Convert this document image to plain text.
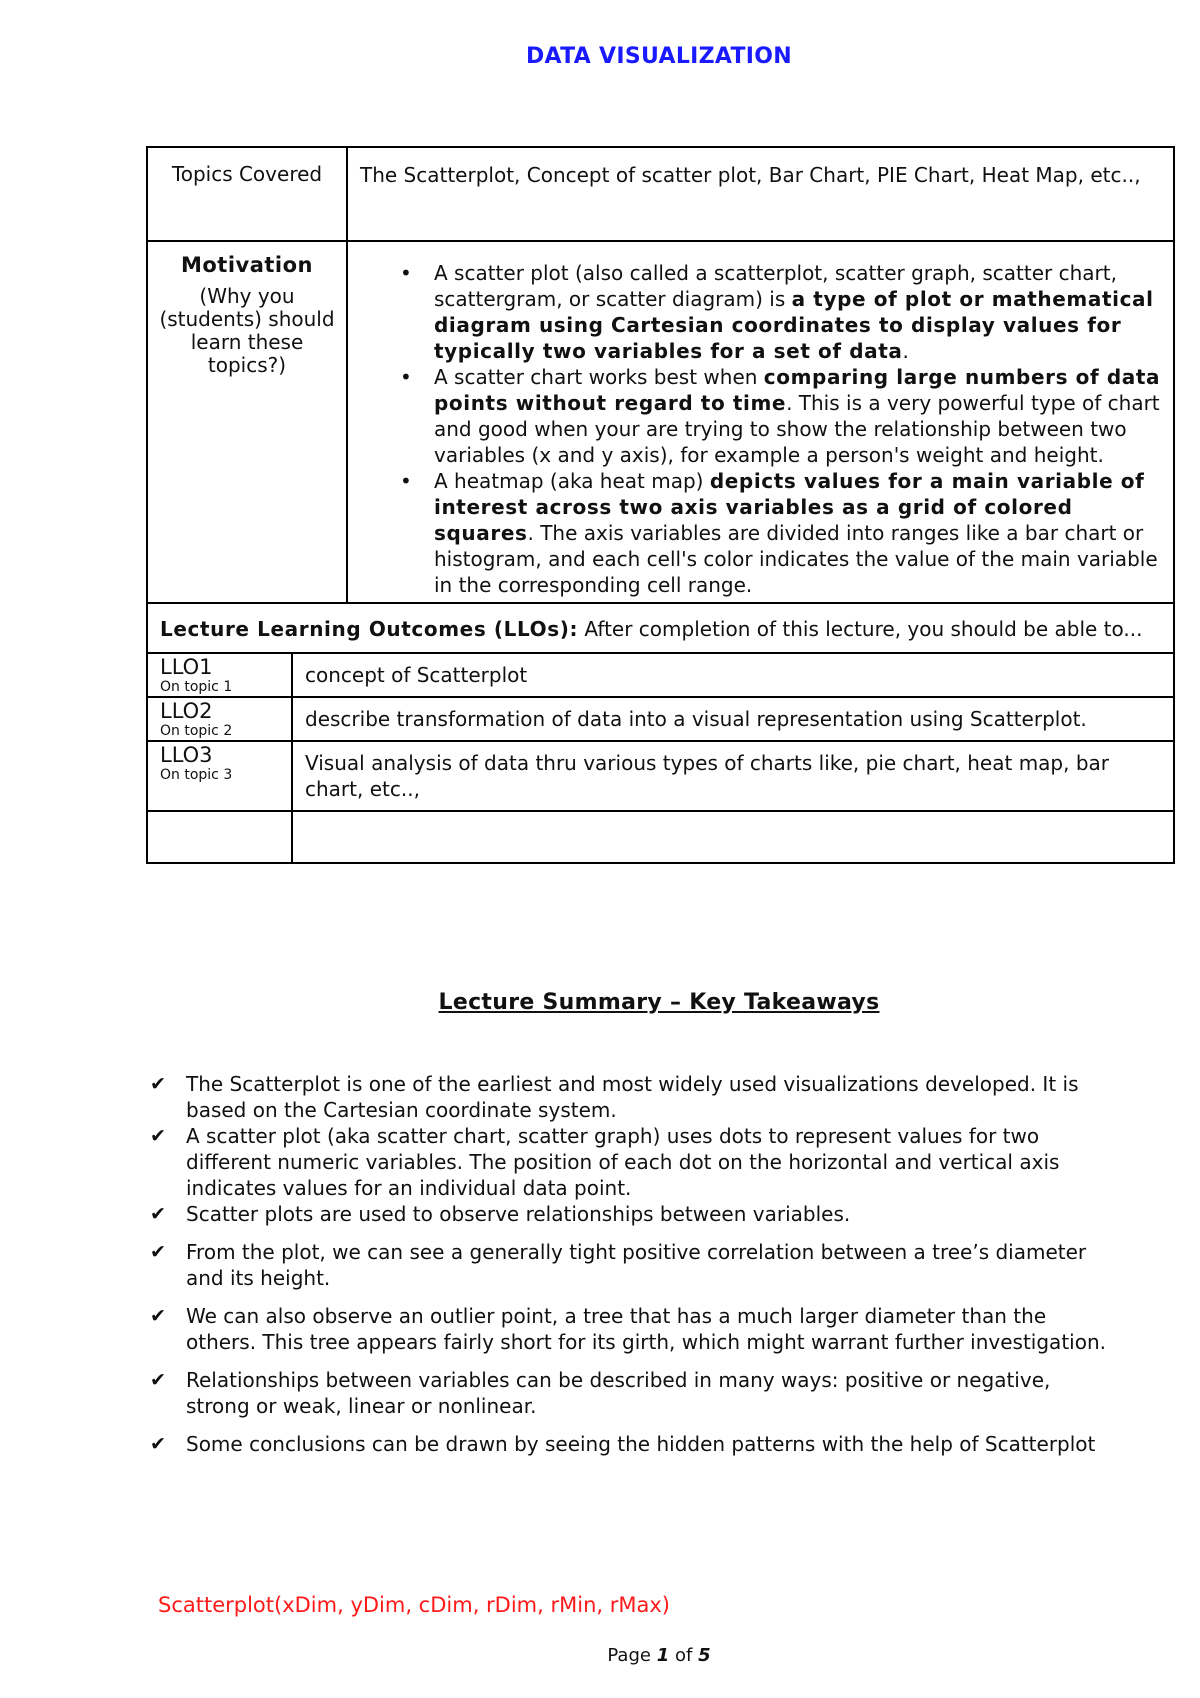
DATA VISUALIZATION
Topics Covered	The Scatterplot, Concept of scatter plot, Bar Chart, PIE Chart, Heat Map, etc..,

Motivation
(Why you (students) should learn these topics?)

• A scatter plot (also called a scatterplot, scatter graph, scatter chart, scattergram, or scatter diagram) is a type of plot or mathematical diagram using Cartesian coordinates to display values for typically two variables for a set of data.
• A scatter chart works best when comparing large numbers of data points without regard to time. This is a very powerful type of chart and good when your are trying to show the relationship between two variables (x and y axis), for example a person's weight and height.
• A heatmap (aka heat map) depicts values for a main variable of interest across two axis variables as a grid of colored squares. The axis variables are divided into ranges like a bar chart or histogram, and each cell's color indicates the value of the main variable in the corresponding cell range.

Lecture Learning Outcomes (LLOs): After completion of this lecture, you should be able to...
LLO1
On topic 1	concept of Scatterplot

LLO2
On topic 2	describe transformation of data into a visual representation using Scatterplot.

LLO3
On topic 3	Visual analysis of data thru various types of charts like, pie chart, heat map, bar chart, etc..,

Lecture Summary – Key Takeaways
✔ The Scatterplot is one of the earliest and most widely used visualizations developed. It is based on the Cartesian coordinate system.
✔ A scatter plot (aka scatter chart, scatter graph) uses dots to represent values for two different numeric variables. The position of each dot on the horizontal and vertical axis indicates values for an individual data point.
✔ Scatter plots are used to observe relationships between variables.
✔ From the plot, we can see a generally tight positive correlation between a tree’s diameter and its height.
✔ We can also observe an outlier point, a tree that has a much larger diameter than the others. This tree appears fairly short for its girth, which might warrant further investigation.
✔ Relationships between variables can be described in many ways: positive or negative, strong or weak, linear or nonlinear.
✔ Some conclusions can be drawn by seeing the hidden patterns with the help of Scatterplot
Scatterplot(xDim, yDim, cDim, rDim, rMin, rMax)
Page 1 of 5
